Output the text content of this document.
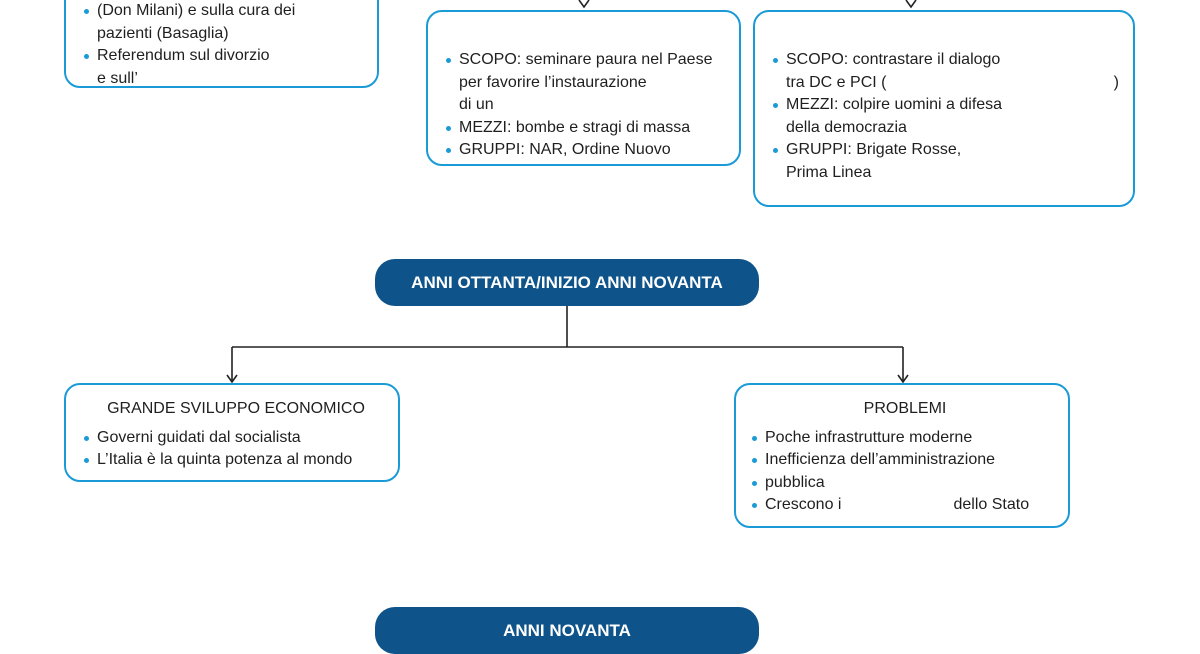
(Don Milani) e sulla cura dei
pazienti (Basaglia)
Referendum sul divorzio
e sull’
SCOPO: seminare paura nel Paese
per favorire l’instaurazione
di un
MEZZI: bombe e stragi di massa
GRUPPI: NAR, Ordine Nuovo
SCOPO: contrastare il dialogo
tra DC e PCI (	)
MEZZI: colpire uomini a difesa
della democrazia
GRUPPI: Brigate Rosse,
Prima Linea
ANNI OTTANTA/INIZIO ANNI NOVANTA
GRANDE SVILUPPO ECONOMICO
Governi guidati dal socialista
L’Italia è la quinta potenza al mondo
PROBLEMI
Poche infrastrutture moderne
Inefficienza dell’amministrazione
pubblica
Crescono i	dello Stato
ANNI NOVANTA
